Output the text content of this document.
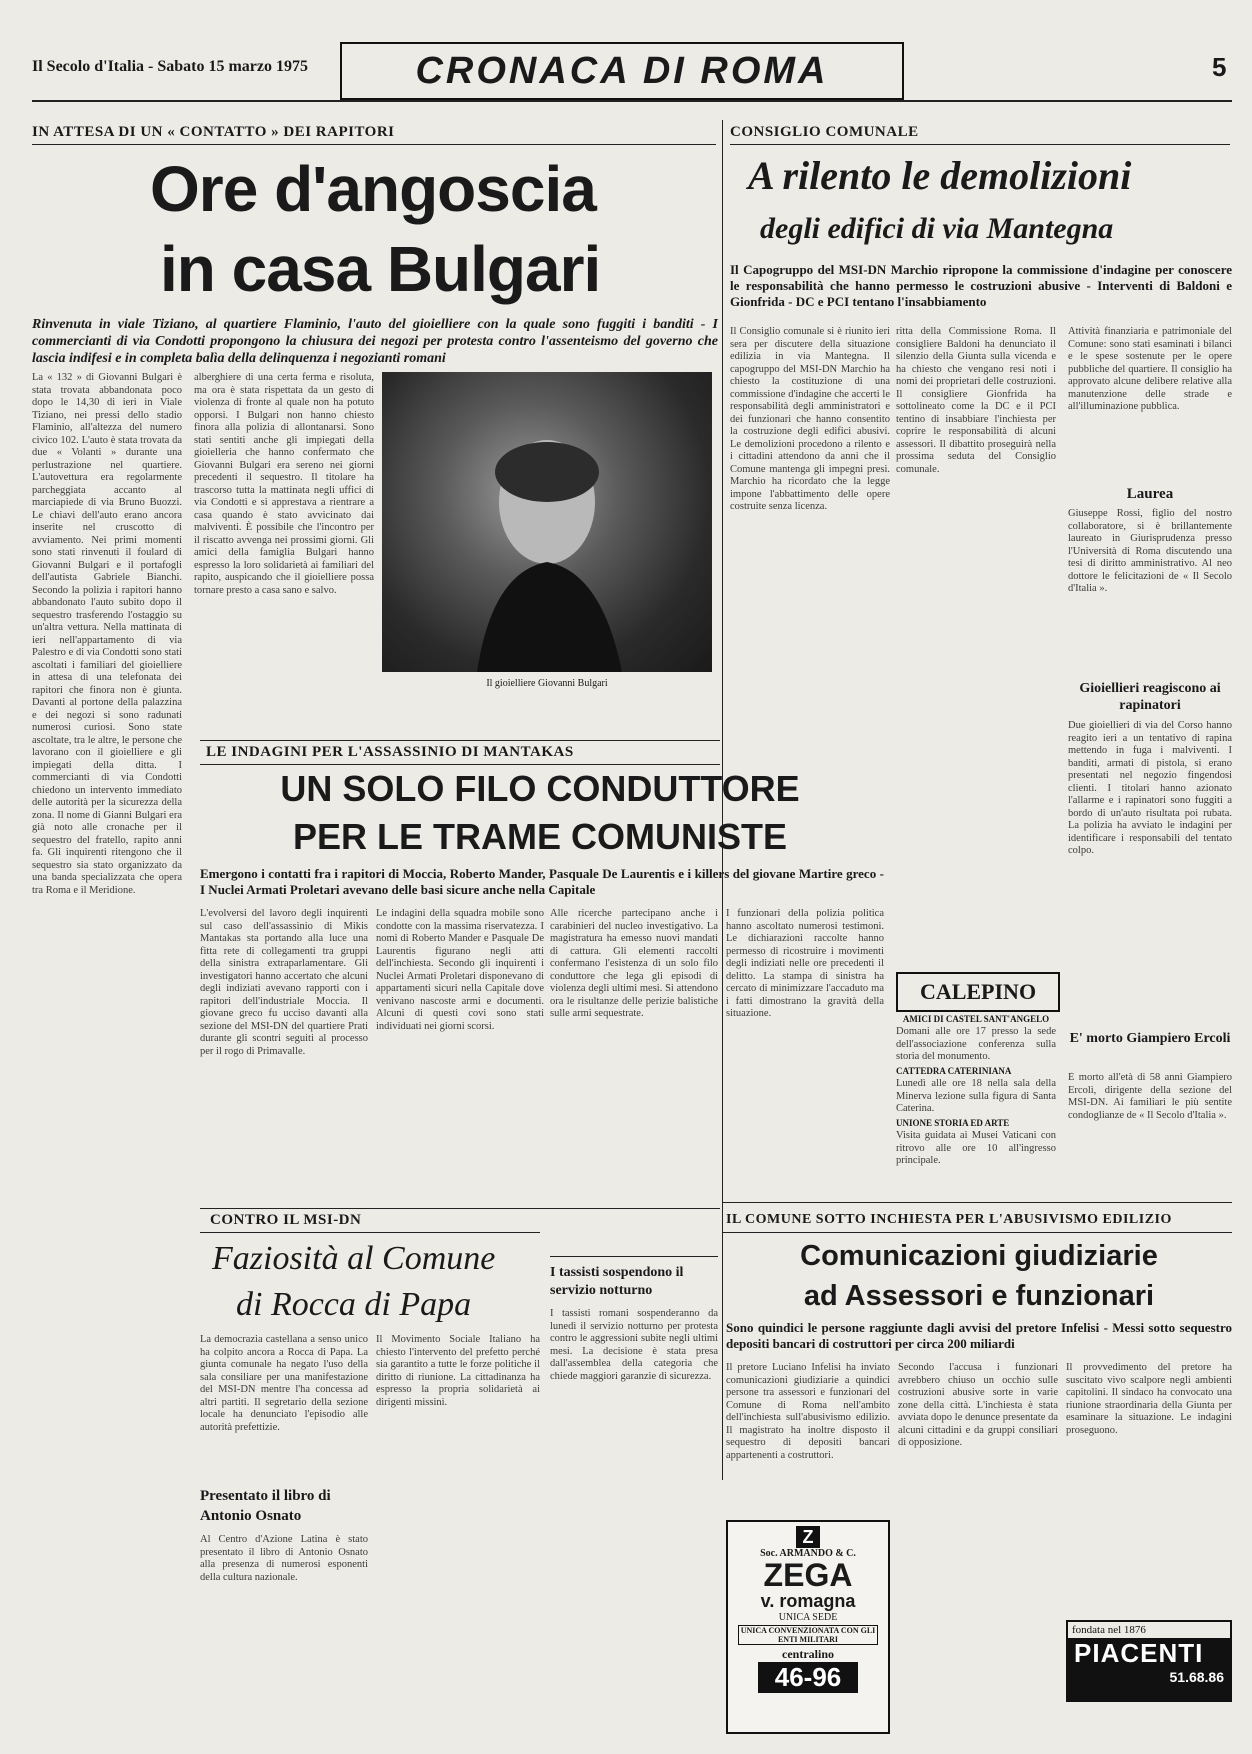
Il Secolo d'Italia - Sabato 15 marzo 1975	CRONACA DI ROMA	5
IN ATTESA DI UN « CONTATTO » DEI RAPITORI
Ore d'angoscia
in casa Bulgari
Rinvenuta in viale Tiziano, al quartiere Flaminio, l'auto del gioielliere con la quale sono fuggiti i banditi - I commercianti di via Condotti propongono la chiusura dei negozi per protesta contro l'assenteismo del governo che lascia indifesi e in completa balìa della delinquenza i negozianti romani
La « 132 » di Giovanni Bulgari è stata trovata abbandonata poco dopo le 14,30 di ieri in Viale Tiziano, nei pressi dello stadio Flaminio, all'altezza del numero civico 102. L'auto è stata trovata da due « Volanti » durante una perlustrazione nel quartiere. L'autovettura era regolarmente parcheggiata accanto al marciapiede di via Bruno Buozzi. Le chiavi dell'auto erano ancora inserite nel cruscotto di avviamento. Nei primi momenti sono stati rinvenuti il foulard di Giovanni Bulgari e il portafogli dell'autista Gabriele Bianchi. Secondo la polizia i rapitori hanno abbandonato l'auto subito dopo il sequestro trasferendo l'ostaggio su un'altra vettura. Nella mattinata di ieri nell'appartamento di via Palestro e di via Condotti sono stati ascoltati i familiari del gioielliere in attesa di una telefonata dei rapitori che finora non è giunta. Davanti al portone della palazzina e dei negozi si sono radunati numerosi curiosi. Sono state ascoltate, tra le altre, le persone che lavorano con il gioielliere e gli impiegati della ditta. I commercianti di via Condotti chiedono un intervento immediato delle autorità per la sicurezza della zona. Il nome di Gianni Bulgari era già noto alle cronache per il sequestro del fratello, rapito anni fa. Gli inquirenti ritengono che il sequestro sia stato organizzato da una banda specializzata che opera tra Roma e il Meridione.
alberghiere di una certa ferma e risoluta, ma ora è stata rispettata da un gesto di violenza di fronte al quale non ha potuto opporsi. I Bulgari non hanno chiesto finora alla polizia di allontanarsi. Sono stati sentiti anche gli impiegati della gioielleria che hanno confermato che Giovanni Bulgari era sereno nei giorni precedenti il sequestro. Il titolare ha trascorso tutta la mattinata negli uffici di via Condotti e si apprestava a rientrare a casa quando è stato avvicinato dai malviventi. È possibile che l'incontro per il riscatto avvenga nei prossimi giorni. Gli amici della famiglia Bulgari hanno espresso la loro solidarietà ai familiari del rapito, auspicando che il gioielliere possa tornare presto a casa sano e salvo.
Il gioielliere Giovanni Bulgari
CONSIGLIO COMUNALE
A rilento le demolizioni
degli edifici di via Mantegna
Il Capogruppo del MSI-DN Marchio ripropone la commissione d'indagine per conoscere le responsabilità che hanno permesso le costruzioni abusive - Interventi di Baldoni e Gionfrida - DC e PCI tentano l'insabbiamento
Il Consiglio comunale si è riunito ieri sera per discutere della situazione edilizia in via Mantegna. Il capogruppo del MSI-DN Marchio ha chiesto la costituzione di una commissione d'indagine che accerti le responsabilità degli amministratori e dei funzionari che hanno consentito la costruzione degli edifici abusivi. Le demolizioni procedono a rilento e i cittadini attendono da anni che il Comune mantenga gli impegni presi. Marchio ha ricordato che la legge impone l'abbattimento delle opere costruite senza licenza.
ritta della Commissione Roma. Il consigliere Baldoni ha denunciato il silenzio della Giunta sulla vicenda e ha chiesto che vengano resi noti i nomi dei proprietari delle costruzioni. Il consigliere Gionfrida ha sottolineato come la DC e il PCI tentino di insabbiare l'inchiesta per coprire le responsabilità di alcuni assessori. Il dibattito proseguirà nella prossima seduta del Consiglio comunale.
Attività finanziaria e patrimoniale del Comune: sono stati esaminati i bilanci e le spese sostenute per le opere pubbliche del quartiere. Il consiglio ha approvato alcune delibere relative alla manutenzione delle strade e all'illuminazione pubblica.
Laurea
Giuseppe Rossi, figlio del nostro collaboratore, si è brillantemente laureato in Giurisprudenza presso l'Università di Roma discutendo una tesi di diritto amministrativo. Al neo dottore le felicitazioni de « Il Secolo d'Italia ».
Gioiellieri reagiscono ai rapinatori
Due gioiellieri di via del Corso hanno reagito ieri a un tentativo di rapina mettendo in fuga i malviventi. I banditi, armati di pistola, si erano presentati nel negozio fingendosi clienti. I titolari hanno azionato l'allarme e i rapinatori sono fuggiti a bordo di un'auto risultata poi rubata. La polizia ha avviato le indagini per identificare i responsabili del tentato colpo.
E' morto Giampiero Ercoli
È morto all'età di 58 anni Giampiero Ercoli, dirigente della sezione del MSI-DN. Ai familiari le più sentite condoglianze de « Il Secolo d'Italia ».
LE INDAGINI PER L'ASSASSINIO DI MANTAKAS
UN SOLO FILO CONDUTTORE
PER LE TRAME COMUNISTE
Emergono i contatti fra i rapitori di Moccia, Roberto Mander, Pasquale De Laurentis e i killers del giovane Martire greco - I Nuclei Armati Proletari avevano delle basi sicure anche nella Capitale
L'evolversi del lavoro degli inquirenti sul caso dell'assassinio di Mikis Mantakas sta portando alla luce una fitta rete di collegamenti tra gruppi della sinistra extraparlamentare. Gli investigatori hanno accertato che alcuni degli indiziati avevano rapporti con i rapitori dell'industriale Moccia. Il giovane greco fu ucciso davanti alla sezione del MSI-DN del quartiere Prati durante gli scontri seguiti al processo per il rogo di Primavalle.
Le indagini della squadra mobile sono condotte con la massima riservatezza. I nomi di Roberto Mander e Pasquale De Laurentis figurano negli atti dell'inchiesta. Secondo gli inquirenti i Nuclei Armati Proletari disponevano di appartamenti sicuri nella Capitale dove venivano nascoste armi e documenti. Alcuni di questi covi sono stati individuati nei giorni scorsi.
Alle ricerche partecipano anche i carabinieri del nucleo investigativo. La magistratura ha emesso nuovi mandati di cattura. Gli elementi raccolti confermano l'esistenza di un solo filo conduttore che lega gli episodi di violenza degli ultimi mesi. Si attendono ora le risultanze delle perizie balistiche sulle armi sequestrate.
I funzionari della polizia politica hanno ascoltato numerosi testimoni. Le dichiarazioni raccolte hanno permesso di ricostruire i movimenti degli indiziati nelle ore precedenti il delitto. La stampa di sinistra ha cercato di minimizzare l'accaduto ma i fatti dimostrano la gravità della situazione.
CALEPINO
AMICI DI CASTEL SANT'ANGELO
Domani alle ore 17 presso la sede dell'associazione conferenza sulla storia del monumento.
CATTEDRA CATERINIANA
Lunedì alle ore 18 nella sala della Minerva lezione sulla figura di Santa Caterina.
UNIONE STORIA ED ARTE
Visita guidata ai Musei Vaticani con ritrovo alle ore 10 all'ingresso principale.
CONTRO IL MSI-DN
Faziosità al Comune
di Rocca di Papa
La democrazia castellana a senso unico ha colpito ancora a Rocca di Papa. La giunta comunale ha negato l'uso della sala consiliare per una manifestazione del MSI-DN mentre l'ha concessa ad altri partiti. Il segretario della sezione locale ha denunciato l'episodio alle autorità prefettizie.
Il Movimento Sociale Italiano ha chiesto l'intervento del prefetto perché sia garantito a tutte le forze politiche il diritto di riunione. La cittadinanza ha espresso la propria solidarietà ai dirigenti missini.
Presentato il libro di Antonio Osnato
Al Centro d'Azione Latina è stato presentato il libro di Antonio Osnato alla presenza di numerosi esponenti della cultura nazionale.
I tassisti sospendono il servizio notturno
I tassisti romani sospenderanno da lunedì il servizio notturno per protesta contro le aggressioni subite negli ultimi mesi. La decisione è stata presa dall'assemblea della categoria che chiede maggiori garanzie di sicurezza.
IL COMUNE SOTTO INCHIESTA PER L'ABUSIVISMO EDILIZIO
Comunicazioni giudiziarie
ad Assessori e funzionari
Sono quindici le persone raggiunte dagli avvisi del pretore Infelisi - Messi sotto sequestro depositi bancari di costruttori per circa 200 miliardi
Il pretore Luciano Infelisi ha inviato comunicazioni giudiziarie a quindici persone tra assessori e funzionari del Comune di Roma nell'ambito dell'inchiesta sull'abusivismo edilizio. Il magistrato ha inoltre disposto il sequestro di depositi bancari appartenenti a costruttori.
Secondo l'accusa i funzionari avrebbero chiuso un occhio sulle costruzioni abusive sorte in varie zone della città. L'inchiesta è stata avviata dopo le denunce presentate da alcuni cittadini e da gruppi consiliari di opposizione.
Il provvedimento del pretore ha suscitato vivo scalpore negli ambienti capitolini. Il sindaco ha convocato una riunione straordinaria della Giunta per esaminare la situazione. Le indagini proseguono.
Z
Soc. ARMANDO & C.
ZEGA
v. romagna
UNICA SEDE
UNICA CONVENZIONATA CON GLI ENTI MILITARI
centralino
46-96
fondata nel 1876
PIACENTI
51.68.86
